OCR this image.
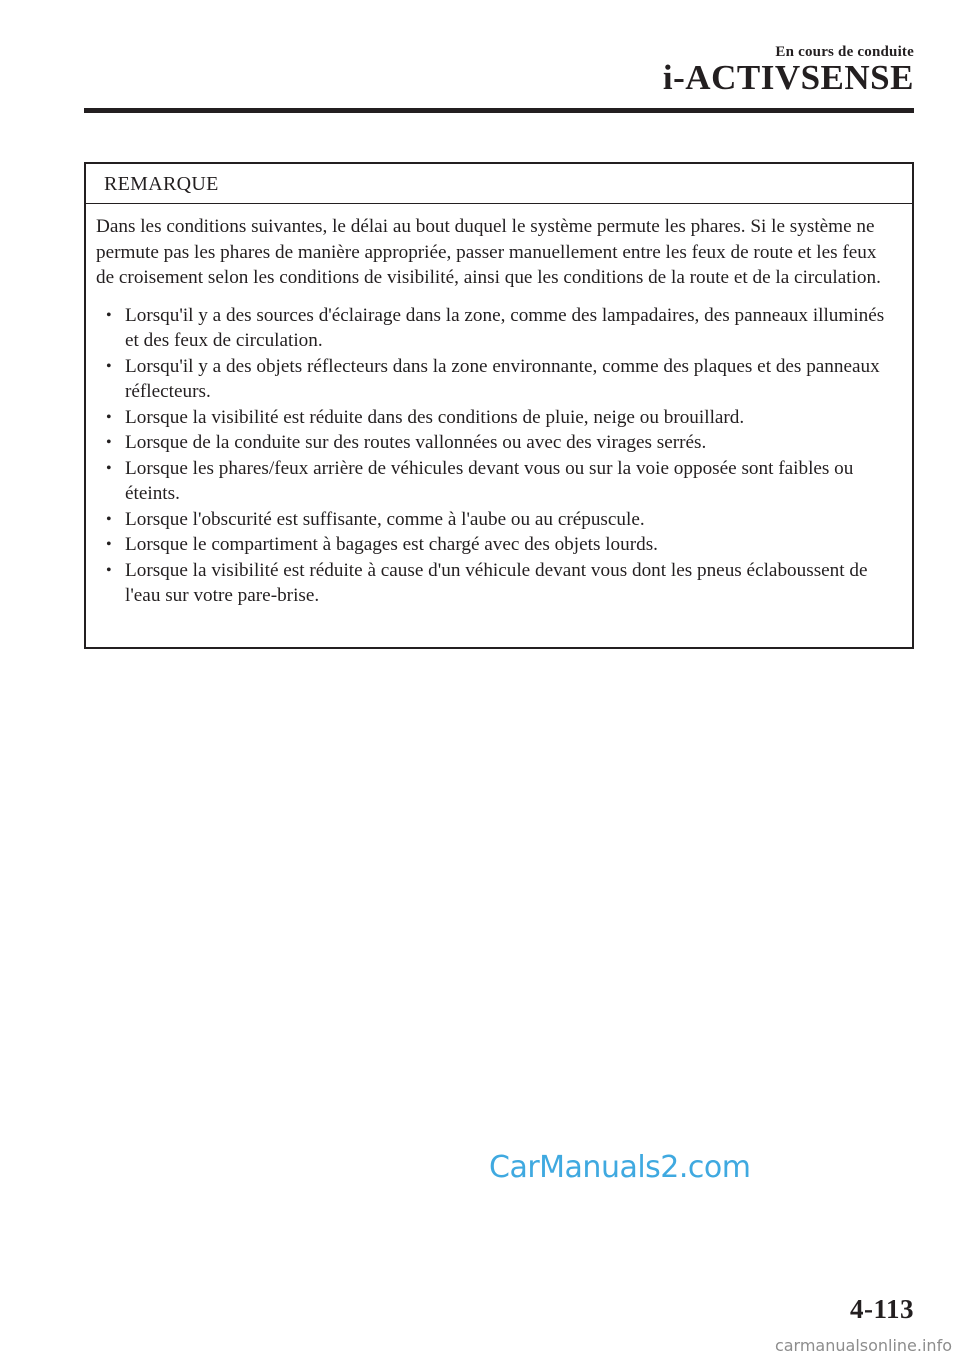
En cours de conduite
i-ACTIVSENSE
REMARQUE

Dans les conditions suivantes, le délai au bout duquel le système permute les phares. Si le système ne permute pas les phares de manière appropriée, passer manuellement entre les feux de route et les feux de croisement selon les conditions de visibilité, ainsi que les conditions de la route et de la circulation.

• Lorsqu'il y a des sources d'éclairage dans la zone, comme des lampadaires, des panneaux illuminés et des feux de circulation.
• Lorsqu'il y a des objets réflecteurs dans la zone environnante, comme des plaques et des panneaux réflecteurs.
• Lorsque la visibilité est réduite dans des conditions de pluie, neige ou brouillard.
• Lorsque de la conduite sur des routes vallonnées ou avec des virages serrés.
• Lorsque les phares/feux arrière de véhicules devant vous ou sur la voie opposée sont faibles ou éteints.
• Lorsque l'obscurité est suffisante, comme à l'aube ou au crépuscule.
• Lorsque le compartiment à bagages est chargé avec des objets lourds.
• Lorsque la visibilité est réduite à cause d'un véhicule devant vous dont les pneus éclaboussent de l'eau sur votre pare-brise.
CarManuals2.com
4-113
carmanualsonline.info
